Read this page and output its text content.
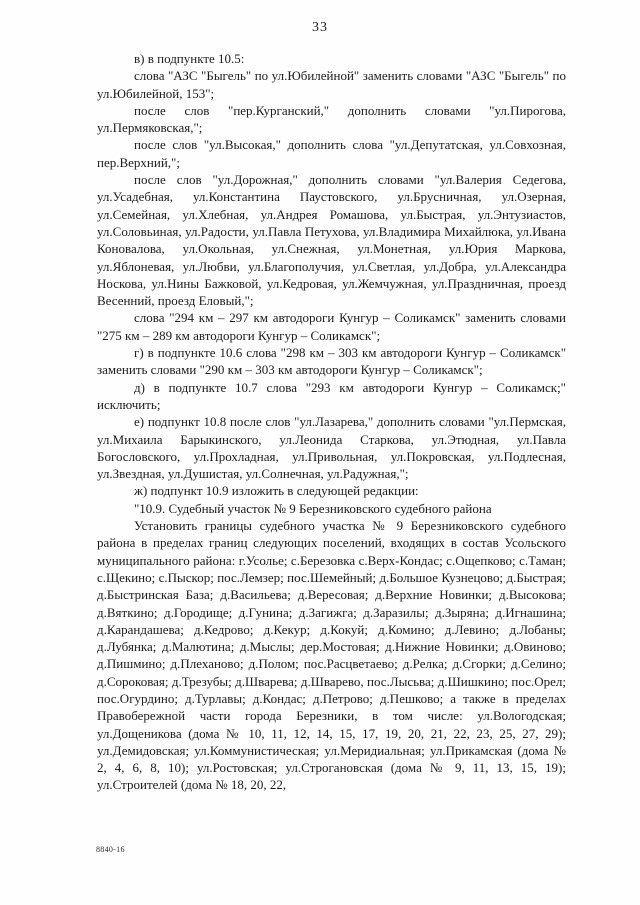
33

в) в подпункте 10.5:

слова "АЗС "Быгель" по ул.Юбилейной" заменить словами "АЗС "Быгель" по ул.Юбилейной, 153";

после слов "пер.Курганский," дополнить словами "ул.Пирогова, ул.Пермяковская,";

после слов "ул.Высокая," дополнить слова "ул.Депутатская, ул.Совхозная, пер.Верхний,";

после слов "ул.Дорожная," дополнить словами "ул.Валерия Седегова, ул.Усадебная, ул.Константина Паустовского, ул.Брусничная, ул.Озерная, ул.Семейная, ул.Хлебная, ул.Андрея Ромашова, ул.Быстрая, ул.Энтузиастов, ул.Соловьиная, ул.Радости, ул.Павла Петухова, ул.Владимира Михайлюка, ул.Ивана Коновалова, ул.Окольная, ул.Снежная, ул.Монетная, ул.Юрия Маркова, ул.Яблоневая, ул.Любви, ул.Благополучия, ул.Светлая, ул.Добра, ул.Александра Носкова, ул.Нины Бажковой, ул.Кедровая, ул.Жемчужная, ул.Праздничная, проезд Весенний, проезд Еловый,";

слова "294 км – 297 км автодороги Кунгур – Соликамск" заменить словами "275 км – 289 км автодороги Кунгур – Соликамск";

г) в подпункте 10.6 слова "298 км – 303 км автодороги Кунгур – Соликамск" заменить словами "290 км – 303 км автодороги Кунгур – Соликамск";

д) в подпункте 10.7 слова "293 км автодороги Кунгур – Соликамск;" исключить;

е) подпункт 10.8 после слов "ул.Лазарева," дополнить словами "ул.Пермская, ул.Михаила Барыкинского, ул.Леонида Старкова, ул.Этюдная, ул.Павла Богословского, ул.Прохладная, ул.Привольная, ул.Покровская, ул.Подлесная, ул.Звездная, ул.Душистая, ул.Солнечная, ул.Радужная,";

ж) подпункт 10.9 изложить в следующей редакции:

"10.9. Судебный участок № 9 Березниковского судебного района

Установить границы судебного участка № 9 Березниковского судебного района в пределах границ следующих поселений, входящих в состав Усольского муниципального района: г.Усолье; с.Березовка с.Верх-Кондас; с.Ощепково; с.Таман; с.Щекино; с.Пыскор; пос.Лемзер; пос.Шемейный; д.Большое Кузнецово; д.Быстрая; д.Быстринская База; д.Васильева; д.Вересовая; д.Верхние Новинки; д.Высокова; д.Вяткино; д.Городище; д.Гунина; д.Загижга; д.Заразилы; д.Зыряна; д.Игнашина; д.Карандашева; д.Кедрово; д.Кекур; д.Кокуй; д.Комино; д.Левино; д.Лобаны; д.Лубянка; д.Малютина; д.Мыслы; дер.Мостовая; д.Нижние Новинки; д.Овиново; д.Пишмино; д.Плеханово; д.Полом; пос.Расцветаево; д.Релка; д.Сгорки; д.Селино; д.Сороковая; д.Трезубы; д.Шварева; д.Шварево, пос.Лысьва; д.Шишкино; пос.Орел; пос.Огурдино; д.Турлавы; д.Кондас; д.Петрово; д.Пешково; а также в пределах Правобережной части города Березники, в том числе: ул.Вологодская; ул.Дощеникова (дома № 10, 11, 12, 14, 15, 17, 19, 20, 21, 22, 23, 25, 27, 29); ул.Демидовская; ул.Коммунистическая; ул.Меридиальная; ул.Прикамская (дома № 2, 4, 6, 8, 10); ул.Ростовская; ул.Строгановская (дома № 9, 11, 13, 15, 19); ул.Строителей (дома № 18, 20, 22,

8840-16
